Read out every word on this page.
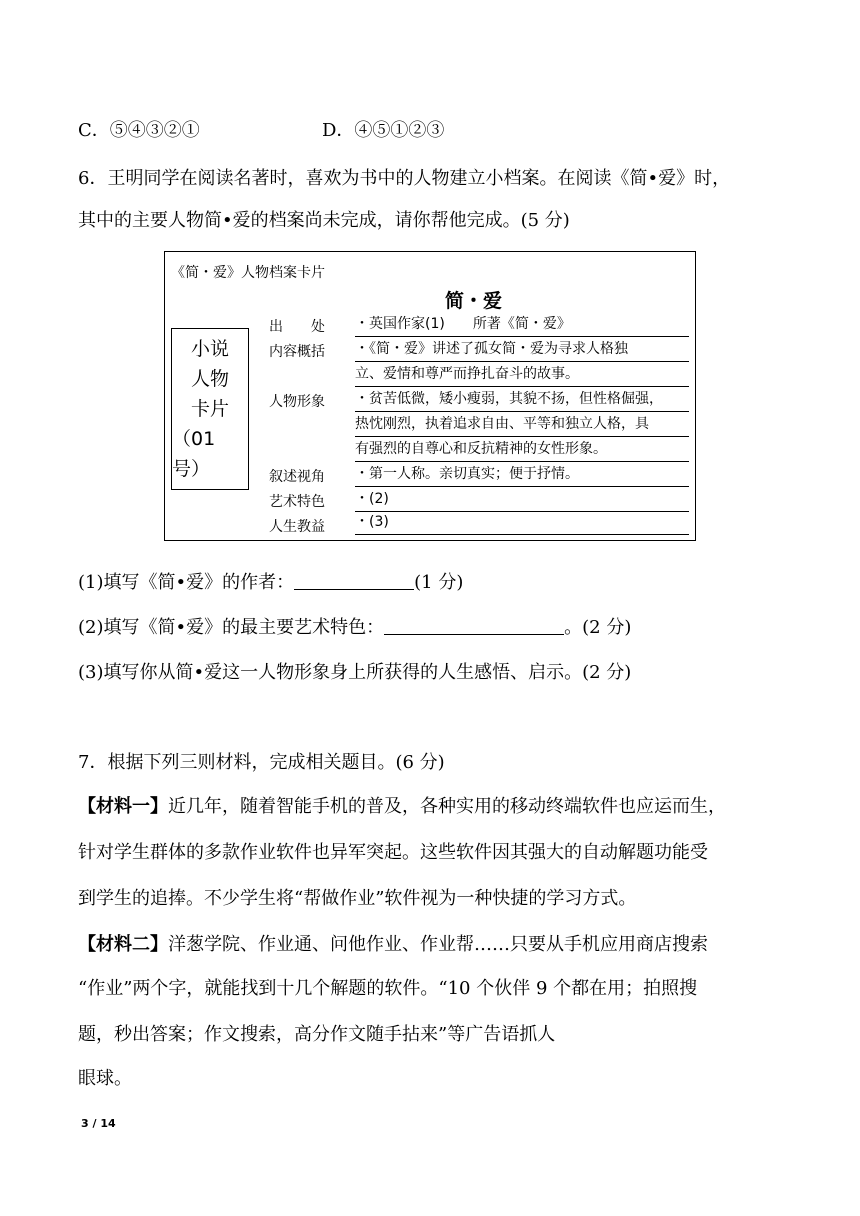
C．⑤④③②①	D．④⑤①②③
6．王明同学在阅读名著时，喜欢为书中的人物建立小档案。在阅读《简•爱》时，
其中的主要人物简•爱的档案尚未完成，请你帮他完成。(5 分)
《简・爱》人物档案卡片
简・爱
小说
人物
卡片
（01 号）
出　　处 ・英国作家(1)　　所著《简・爱》
内容概括 ・《简・爱》讲述了孤女简・爱为寻求人格独
立、爱情和尊严而挣扎奋斗的故事。
人物形象 ・贫苦低微，矮小瘦弱，其貌不扬，但性格倔强，
热忱刚烈，执着追求自由、平等和独立人格，具
有强烈的自尊心和反抗精神的女性形象。
叙述视角 ・第一人称。亲切真实；便于抒情。
艺术特色 ・(2)
人生教益 ・(3)
(1)填写《简•爱》的作者：	(1 分)
(2)填写《简•爱》的最主要艺术特色：	。(2 分)
(3)填写你从简•爱这一人物形象身上所获得的人生感悟、启示。(2 分)
7．根据下列三则材料，完成相关题目。(6 分)
【材料一】近几年，随着智能手机的普及，各种实用的移动终端软件也应运而生，
针对学生群体的多款作业软件也异军突起。这些软件因其强大的自动解题功能受
到学生的追捧。不少学生将“帮做作业”软件视为一种快捷的学习方式。
【材料二】洋葱学院、作业通、问他作业、作业帮……只要从手机应用商店搜索
“作业”两个字，就能找到十几个解题的软件。“10 个伙伴 9 个都在用；拍照搜
题，秒出答案；作文搜索，高分作文随手拈来”等广告语抓人
眼球。
3 / 14
